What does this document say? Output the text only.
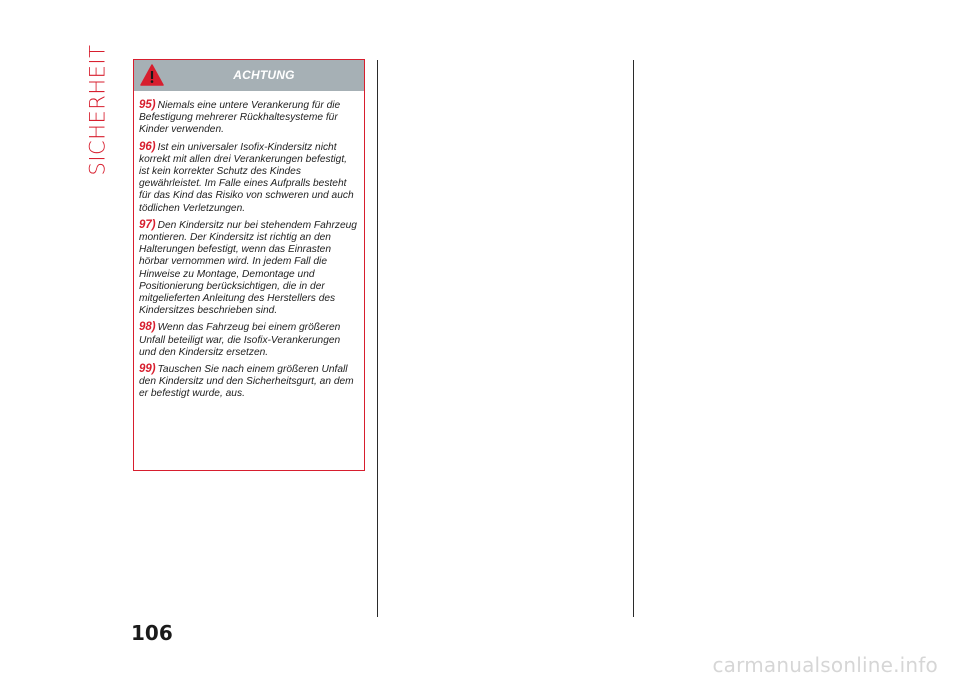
SICHERHEIT	ACHTUNG
95) Niemals eine untere Verankerung für die Befestigung mehrerer Rückhaltesysteme für Kinder verwenden.
96) Ist ein universaler Isofix-Kindersitz nicht korrekt mit allen drei Verankerungen befestigt, ist kein korrekter Schutz des Kindes gewährleistet. Im Falle eines Aufpralls besteht für das Kind das Risiko von schweren und auch tödlichen Verletzungen.
97) Den Kindersitz nur bei stehendem Fahrzeug montieren. Der Kindersitz ist richtig an den Halterungen befestigt, wenn das Einrasten hörbar vernommen wird. In jedem Fall die Hinweise zu Montage, Demontage und Positionierung berücksichtigen, die in der mitgelieferten Anleitung des Herstellers des Kindersitzes beschrieben sind.
98) Wenn das Fahrzeug bei einem größeren Unfall beteiligt war, die Isofix-Verankerungen und den Kindersitz ersetzen.
99) Tauschen Sie nach einem größeren Unfall den Kindersitz und den Sicherheitsgurt, an dem er befestigt wurde, aus.
106
carmanualsonline.info
